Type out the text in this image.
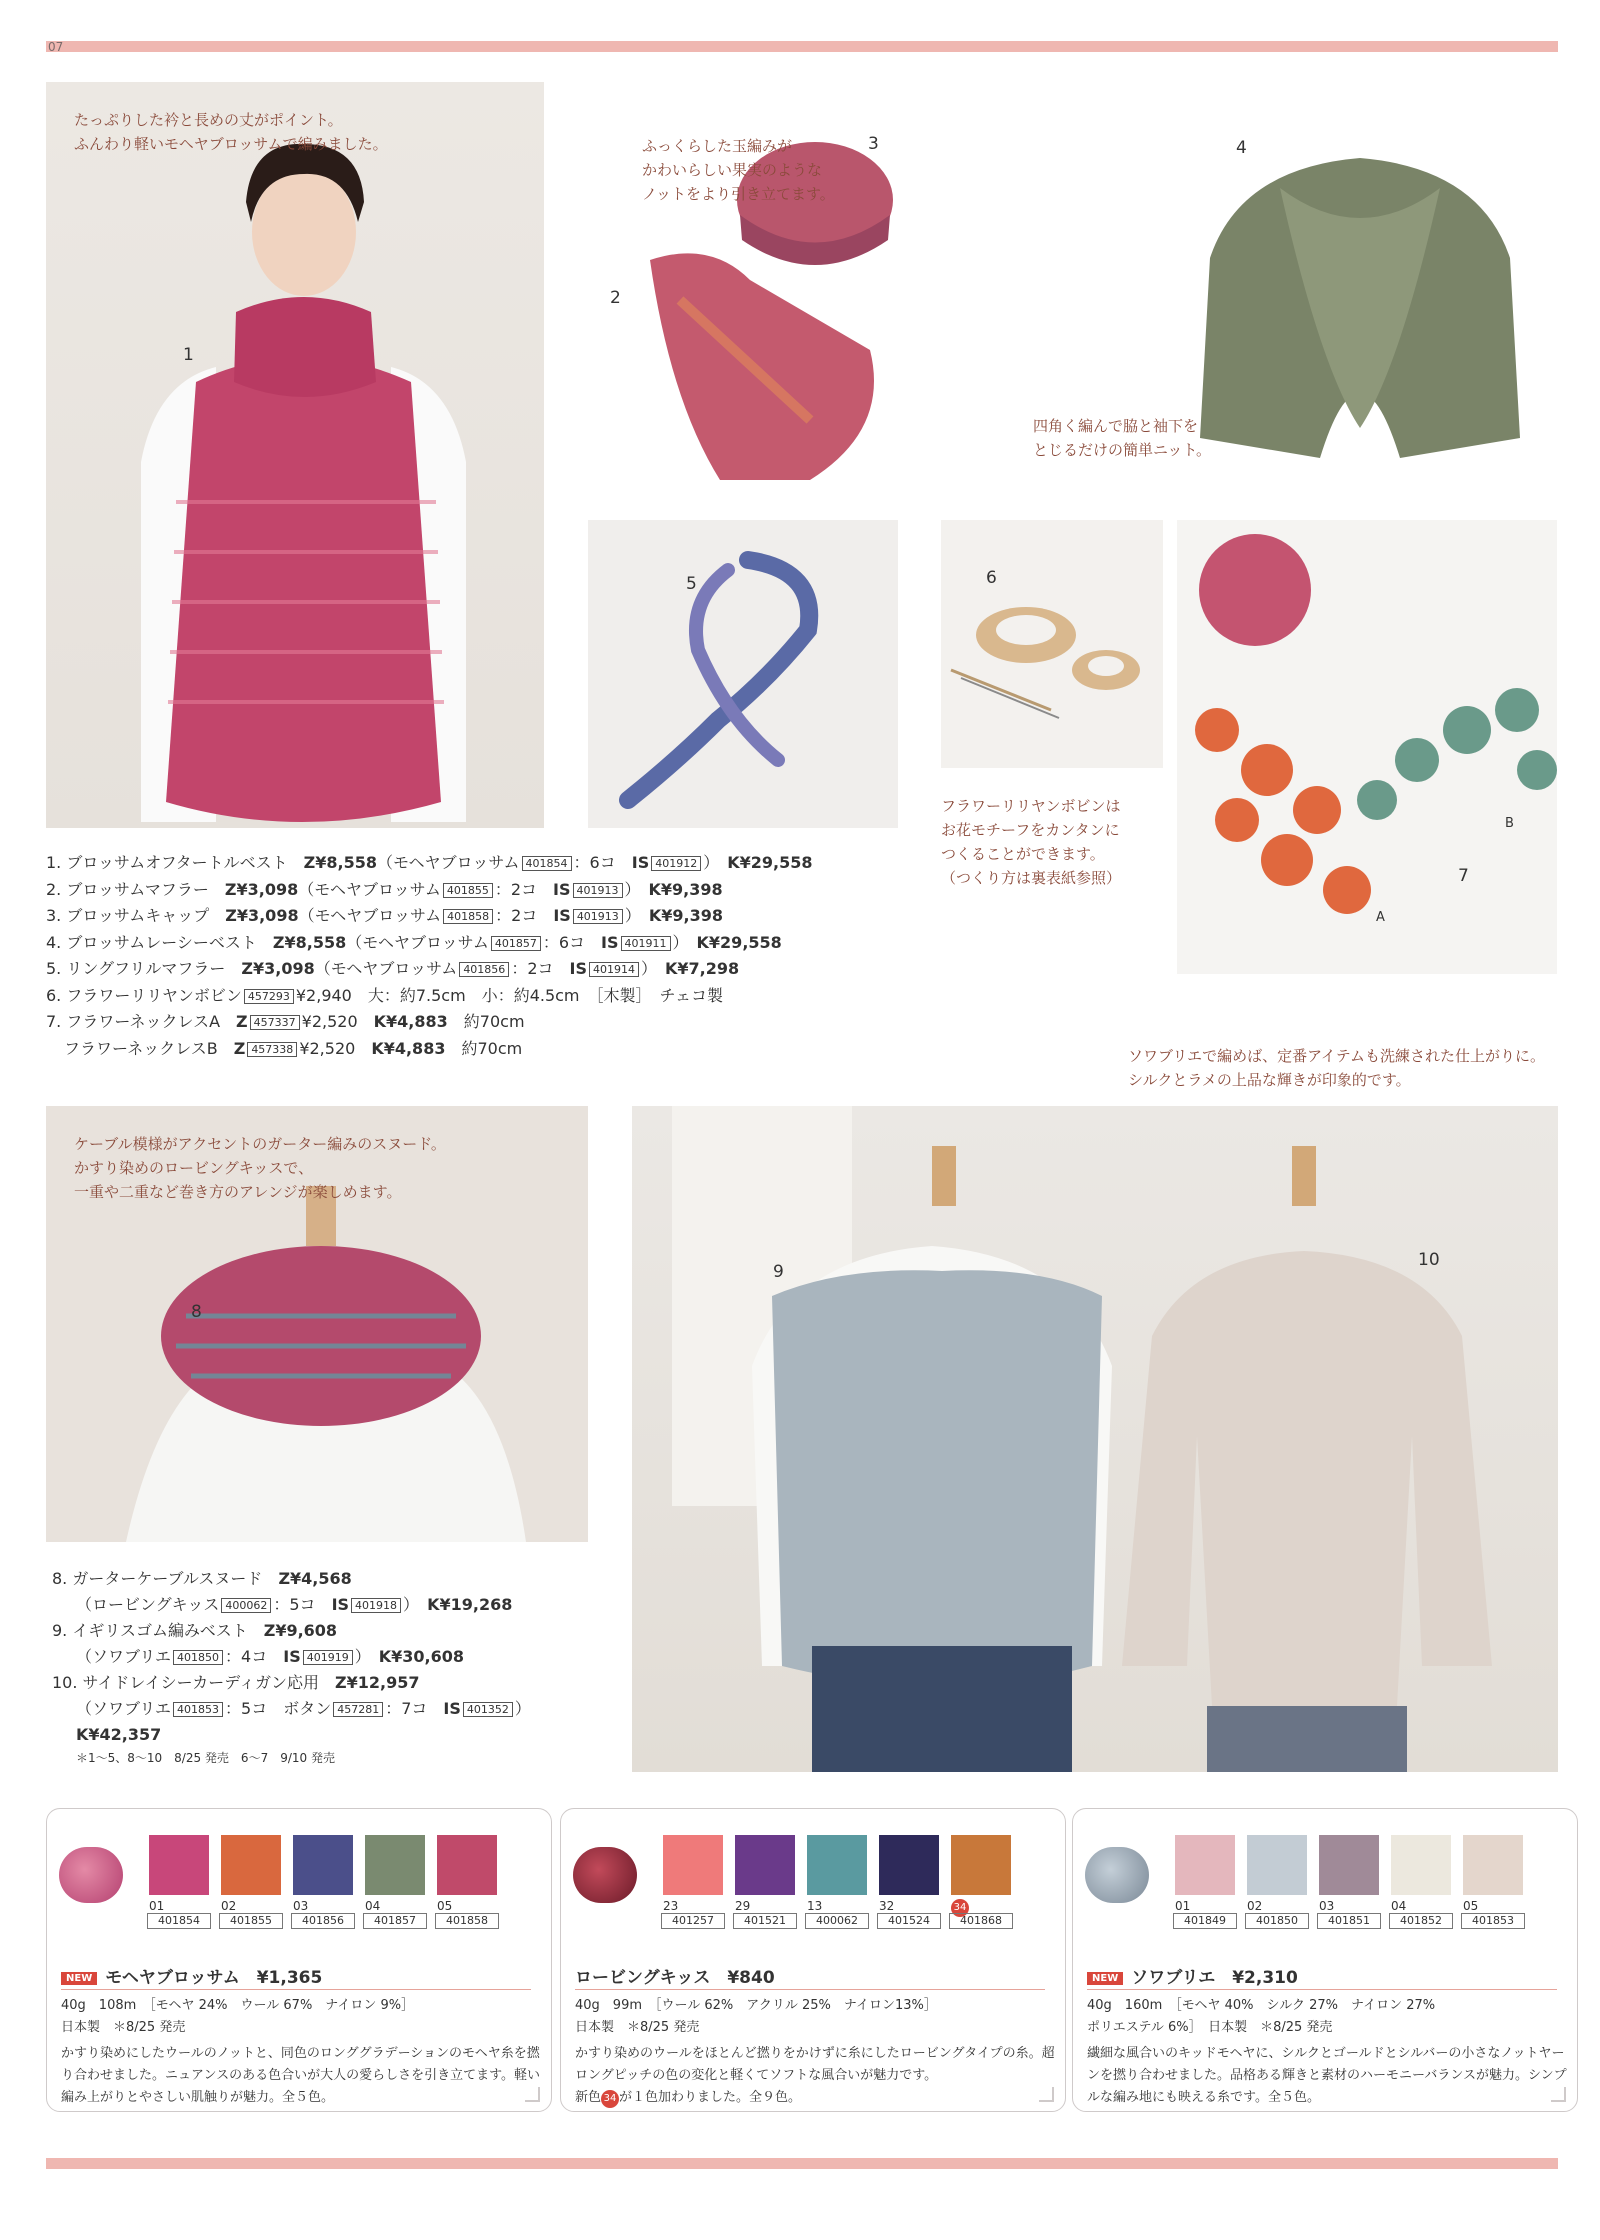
07
たっぷりした衿と長めの丈がポイント。
ふんわり軽いモヘヤブロッサムで編みました。
1
ふっくらした玉編みが
かわいらしい果実のような
ノットをより引き立てます。
2
3	4
四角く編んで脇と袖下を
とじるだけの簡単ニット。
5	6
フラワーリリヤンボビンは
お花モチーフをカンタンに
つくることができます。
（つくり方は裏表紙参照）	7
A
B
1. ブロッサムオフタートルベスト　Z¥8,558（モヘヤブロッサム 401854 ：6コ　IS 401912 ）　K¥29,558
2. ブロッサムマフラー　Z¥3,098（モヘヤブロッサム 401855 ：2コ　IS 401913 ）　K¥9,398
3. ブロッサムキャップ　Z¥3,098（モヘヤブロッサム 401858 ：2コ　IS 401913 ）　K¥9,398
4. ブロッサムレーシーベスト　Z¥8,558（モヘヤブロッサム 401857 ：6コ　IS 401911 ）　K¥29,558
5. リングフリルマフラー　Z¥3,098（モヘヤブロッサム 401856 ：2コ　IS 401914 ）　K¥7,298
6. フラワーリリヤンボビン 457293 ¥2,940　大：約7.5cm　小：約4.5cm　［木製］　チェコ製
7. フラワーネックレスA　Z 457337 ¥2,520　K¥4,883　約70cm
フラワーネックレスB　Z 457338 ¥2,520　K¥4,883　約70cm	ソワブリエで編めば、定番アイテムも洗練された仕上がりに。
シルクとラメの上品な輝きが印象的です。
ケーブル模様がアクセントのガーター編みのスヌード。
かすり染めのロービングキッスで、
一重や二重など巻き方のアレンジが楽しめます。
8
9
10
8. ガーターケーブルスヌード　Z¥4,568
（ロービングキッス 400062 ：5コ　IS 401918 ）　K¥19,268
9. イギリスゴム編みベスト　Z¥9,608
（ソワブリエ 401850 ：4コ　IS 401919 ）　K¥30,608
10. サイドレイシーカーディガン応用　Z¥12,957
（ソワブリエ 401853 ：5コ　ボタン 457281 ：7コ　IS 401352 ）
K¥42,357
＊1〜5、8〜10　8/25 発売　6〜7　9/10 発売
01	02	03	04	05
401854	401855	401856	401857	401858
NEW モヘヤブロッサム　 ¥1,365
40g　108m　［モヘヤ 24%　ウール 67%　ナイロン 9%］
日本製　＊8/25 発売
かすり染めにしたウールのノットと、同色のロンググラデーションのモヘヤ糸を撚り合わせました。ニュアンスのある色合いが大人の愛らしさを引き立てます。軽い編み上がりとやさしい肌触りが魅力。全５色。
23	29	13	32	34
401257	401521	400062	401524	401868
ロービングキッス　 ¥840
40g　99m　［ウール 62%　アクリル 25%　ナイロン13%］
日本製　＊8/25 発売
かすり染めのウールをほとんど撚りをかけずに糸にしたロービングタイプの糸。超ロングピッチの色の変化と軽くてソフトな風合いが魅力です。
新色 34 が１色加わりました。全９色。
01	02	03	04	05
401849	401850	401851	401852	401853
NEW ソワブリエ　 ¥2,310
40g　160m　［モヘヤ 40%　シルク 27%　ナイロン 27%
ポリエステル 6%］　日本製　＊8/25 発売
繊細な風合いのキッドモヘヤに、シルクとゴールドとシルバーの小さなノットヤーンを撚り合わせました。品格ある輝きと素材のハーモニーバランスが魅力。シンプルな編み地にも映える糸です。全５色。
